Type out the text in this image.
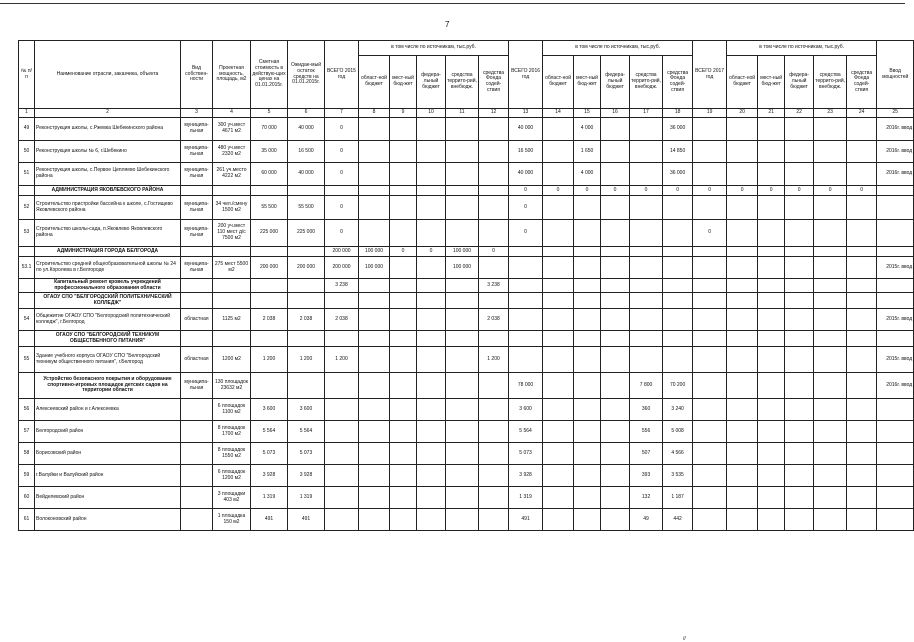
7
№ п/п	Наименование отрасли, заказчика, объекта	Вид собствен-ности	Проектная мощность, площадь, м2	Сметная стоимость в действую-щих ценах на 01.01.2015г.	Ожидае-мый остаток средств на 01.01.2015г.	ВСЕГО 2015 год	в том числе по источникам, тыс.руб.					ВСЕГО 2016 год	в том числе по источникам, тыс.руб.					ВСЕГО 2017 год	в том числе по источникам, тыс.руб.					Ввод мощностей
							област-ной бюджет	мест-ный бюд-жет	федера-льный бюджет	средства террито-рий, внебюдж.	средства Фонда содей-ствия		област-ной бюджет	мест-ный бюд-жет	федера-льный бюджет	средства террито-рий, внебюдж.	средства Фонда содей-ствия		област-ной бюджет	мест-ный бюд-жет	федера-льный бюджет	средства террито-рий, внебюдж.	средства Фонда содей-ствия	
1	2	3	4	5	6	7	8	9	10	11	12	13	14	15	16	17	18	19	20	21	22	23	24	25
49	Реконструкция школы, с.Ржевка Шебекинского района	муниципа-льная	300 уч.мест 4671 м2	70 000	40 000	0						40 000		4 000			36 000							2016г. ввод
50	Реконструкция школы № 6, г.Шебекино	муниципа-льная	480 уч.мест 2320 м2	35 000	16 500	0						16 500		1 650			14 850							2016г. ввод
51	Реконструкция школы, с.Первое Цепляево Шебекинского района	муниципа-льная	261 уч.место 4222 м2	60 000	40 000	0						40 000		4 000			36 000							2016г. ввод
	АДМИНИСТРАЦИЯ ЯКОВЛЕВСКОГО РАЙОНА											0	0	0	0	0	0	0	0	0	0	0	0	
52	Строительство пристройки бассейна к школе, с.Гостищево Яковлевского района	муниципа-льная	34 чел./смену 1500 м2	55 500	55 500	0						0												
53	Строительство школы-сада, п.Яковлево Яковлевского района	муниципа-льная	200 уч.мест 110 мест д/с 7500 м2	225 000	225 000	0						0						0						
	АДМИНИСТРАЦИЯ ГОРОДА БЕЛГОРОДА					200 000	100 000	0	0	100 000	0													
53.1	Строительство средней общеобразовательной школы № 24 по ул.Королева в г.Белгороде	муниципа-льная	275 мест 5500 м2	200 000	200 000	200 000	100 000			100 000														2015г. ввод
	Капитальный ремонт кровель учреждений профессионального образования области					3 238					3 238													
	ОГАОУ СПО "БЕЛГОРОДСКИЙ ПОЛИТЕХНИЧЕСКИЙ КОЛЛЕДЖ"																							
54	Общежитие ОГАОУ СПО "Белгородский политехнический колледж", г.Белгород	областная	1125 м2	2 038	2 038	2 038					2 038													2015г. ввод
	ОГАОУ СПО "БЕЛГОРОДСКИЙ ТЕХНИКУМ ОБЩЕСТВЕННОГО ПИТАНИЯ"																							
55	Здание учебного корпуса ОГАОУ СПО "Белгородский техникум общественного питания", г.Белгород	областная	1200 м2	1 200	1 200	1 200					1 200													2015г. ввод
	Устройство безопасного покрытия и оборудование спортивно-игровых площадок детских садов на территории области	муниципа-льная	130 площадок 23632 м2									78 000				7 800	70 200							2016г. ввод
56	Алексеевский район и г.Алексеевка		6 площадок 1100 м2	3 600	3 600							3 600				360	3 240							
57	Белгородский район		8 площадок 1700 м2	5 564	5 564							5 564				556	5 008							
58	Борисовский район		8 площадок 1550 м2	5 073	5 073							5 073				507	4 566							
59	г.Валуйки и Валуйский район		6 площадок 1200 м2	3 928	3 928							3 928				393	3 535							
60	Вейделевский район		3 площадки 403 м2	1 319	1 319							1 319				132	1 187							
61	Волоконовский район		1 площадка 150 м2	491	491							491				49	442							
//
